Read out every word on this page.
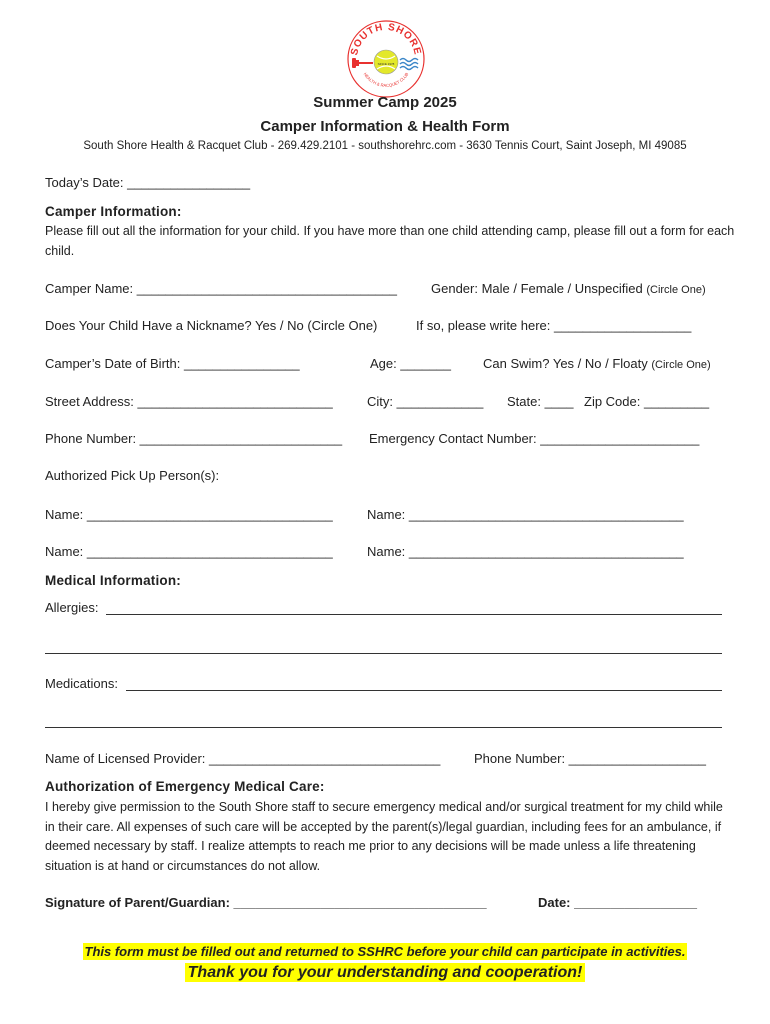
SOUTH SHORE
SINCE 1978
HEALTH & RACQUET CLUB
Summer Camp 2025
Camper Information & Health Form
South Shore Health & Racquet Club - 269.429.2101 - southshorehrc.com - 3630 Tennis Court, Saint Joseph, MI 49085
Today’s Date: _________________
Camper Information:
Please fill out all the information for your child. If you have more than one child attending camp, please fill out a form for each child.
Camper Name: ____________________________________	Gender: Male / Female / Unspecified (Circle One)
Does Your Child Have a Nickname? Yes / No (Circle One)	If so, please write here: ___________________
Camper’s Date of Birth: ________________	Age: _______ Can Swim? Yes / No / Floaty (Circle One)
Street Address: ___________________________	City: ____________ State: ____ Zip Code: _________
Phone Number: ____________________________ Emergency Contact Number: ______________________
Authorized Pick Up Person(s):
Name: __________________________________	Name: ______________________________________
Name: __________________________________	Name: ______________________________________
Medical Information:
Allergies:
Medications:
Name of Licensed Provider: ________________________________	Phone Number: ___________________
Authorization of Emergency Medical Care:
I hereby give permission to the South Shore staff to secure emergency medical and/or surgical treatment for my child while in their care. All expenses of such care will be accepted by the parent(s)/legal guardian, including fees for an ambulance, if deemed necessary by staff. I realize attempts to reach me prior to any decisions will be made unless a life threatening situation is at hand or circumstances do not allow.
Signature of Parent/Guardian: ___________________________________	Date: _________________
This form must be filled out and returned to SSHRC before your child can participate in activities.
Thank you for your understanding and cooperation!
